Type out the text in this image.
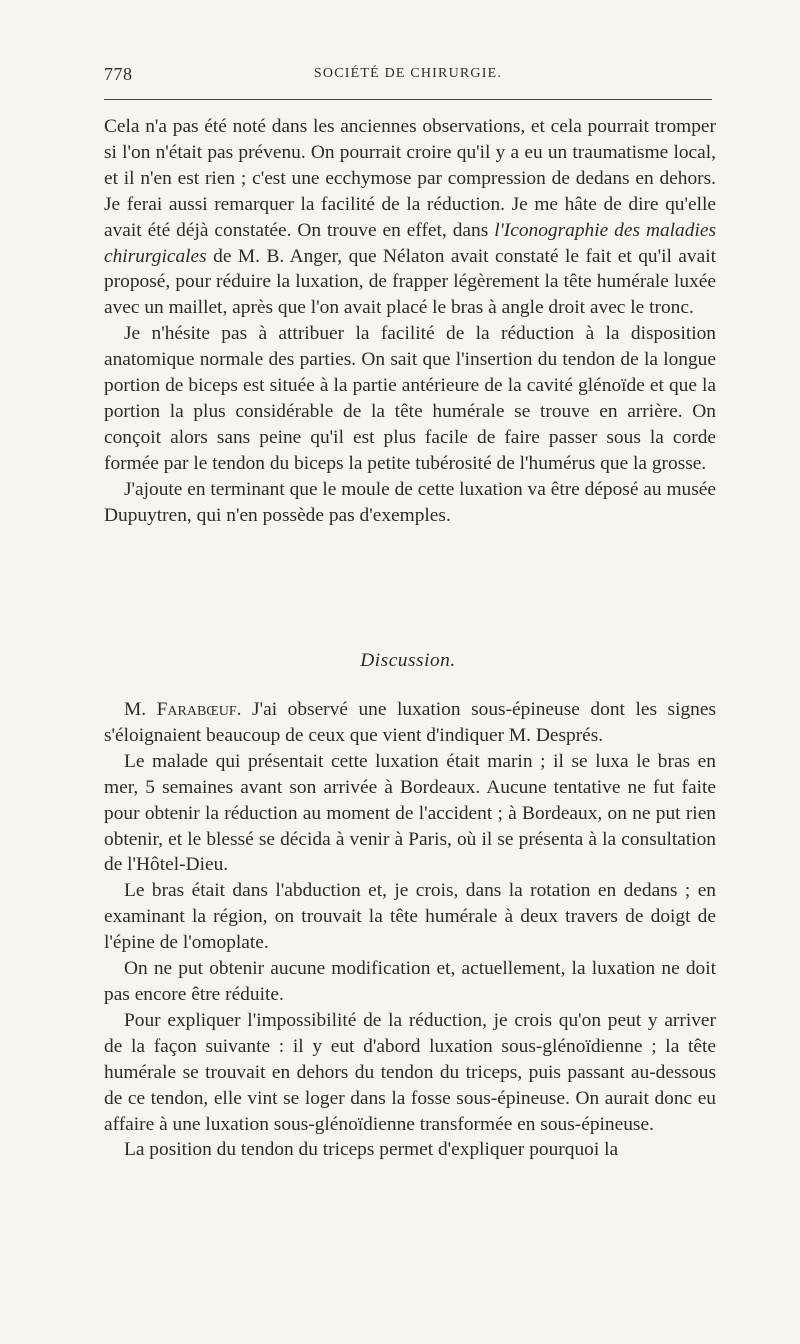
778	SOCIÉTÉ DE CHIRURGIE.

Cela n'a pas été noté dans les anciennes observations, et cela pourrait tromper si l'on n'était pas prévenu. On pourrait croire qu'il y a eu un traumatisme local, et il n'en est rien ; c'est une ecchymose par compression de dedans en dehors. Je ferai aussi remarquer la facilité de la réduction. Je me hâte de dire qu'elle avait été déjà constatée. On trouve en effet, dans l'Iconographie des maladies chirurgicales de M. B. Anger, que Nélaton avait constaté le fait et qu'il avait proposé, pour réduire la luxation, de frapper légèrement la tête humérale luxée avec un maillet, après que l'on avait placé le bras à angle droit avec le tronc.

Je n'hésite pas à attribuer la facilité de la réduction à la disposition anatomique normale des parties. On sait que l'insertion du tendon de la longue portion de biceps est située à la partie antérieure de la cavité glénoïde et que la portion la plus considérable de la tête humérale se trouve en arrière. On conçoit alors sans peine qu'il est plus facile de faire passer sous la corde formée par le tendon du biceps la petite tubérosité de l'humérus que la grosse.

J'ajoute en terminant que le moule de cette luxation va être déposé au musée Dupuytren, qui n'en possède pas d'exemples.

Discussion.

M. Farabœuf. J'ai observé une luxation sous-épineuse dont les signes s'éloignaient beaucoup de ceux que vient d'indiquer M. Després.

Le malade qui présentait cette luxation était marin ; il se luxa le bras en mer, 5 semaines avant son arrivée à Bordeaux. Aucune tentative ne fut faite pour obtenir la réduction au moment de l'accident ; à Bordeaux, on ne put rien obtenir, et le blessé se décida à venir à Paris, où il se présenta à la consultation de l'Hôtel-Dieu.

Le bras était dans l'abduction et, je crois, dans la rotation en dedans ; en examinant la région, on trouvait la tête humérale à deux travers de doigt de l'épine de l'omoplate.

On ne put obtenir aucune modification et, actuellement, la luxation ne doit pas encore être réduite.

Pour expliquer l'impossibilité de la réduction, je crois qu'on peut y arriver de la façon suivante : il y eut d'abord luxation sous-glénoïdienne ; la tête humérale se trouvait en dehors du tendon du triceps, puis passant au-dessous de ce tendon, elle vint se loger dans la fosse sous-épineuse. On aurait donc eu affaire à une luxation sous-glénoïdienne transformée en sous-épineuse.

La position du tendon du triceps permet d'expliquer pourquoi la
